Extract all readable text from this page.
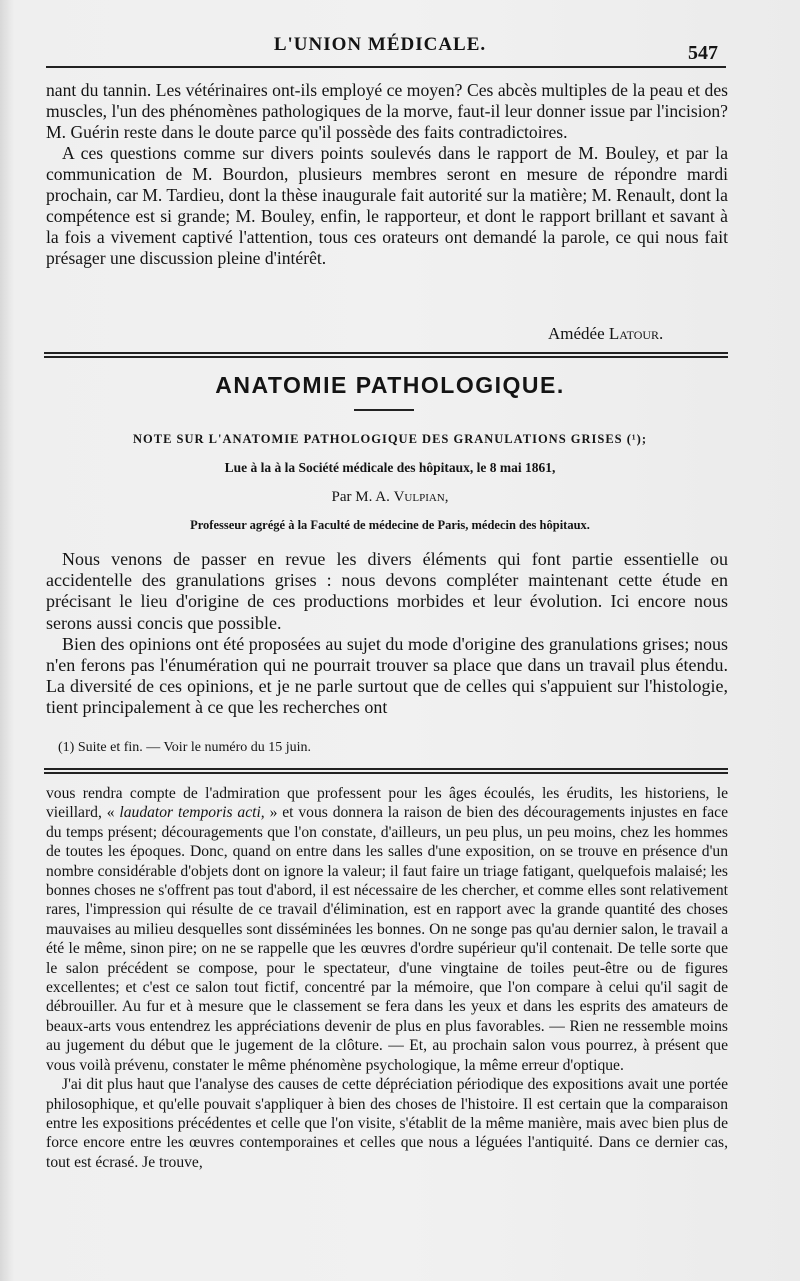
L'UNION MÉDICALE.	547

nant du tannin. Les vétérinaires ont-ils employé ce moyen? Ces abcès multiples de la peau et des muscles, l'un des phénomènes pathologiques de la morve, faut-il leur donner issue par l'incision? M. Guérin reste dans le doute parce qu'il possède des faits contradictoires.

A ces questions comme sur divers points soulevés dans le rapport de M. Bouley, et par la communication de M. Bourdon, plusieurs membres seront en mesure de répondre mardi prochain, car M. Tardieu, dont la thèse inaugurale fait autorité sur la matière; M. Renault, dont la compétence est si grande; M. Bouley, enfin, le rapporteur, et dont le rapport brillant et savant à la fois a vivement captivé l'attention, tous ces orateurs ont demandé la parole, ce qui nous fait présager une discussion pleine d'intérêt.

Amédée Latour.
ANATOMIE PATHOLOGIQUE.
NOTE SUR L'ANATOMIE PATHOLOGIQUE DES GRANULATIONS GRISES (¹);
Lue à la à la Société médicale des hôpitaux, le 8 mai 1861,
Par M. A. Vulpian,
Professeur agrégé à la Faculté de médecine de Paris, médecin des hôpitaux.

Nous venons de passer en revue les divers éléments qui font partie essentielle ou accidentelle des granulations grises : nous devons compléter maintenant cette étude en précisant le lieu d'origine de ces productions morbides et leur évolution. Ici encore nous serons aussi concis que possible.

Bien des opinions ont été proposées au sujet du mode d'origine des granulations grises; nous n'en ferons pas l'énumération qui ne pourrait trouver sa place que dans un travail plus étendu. La diversité de ces opinions, et je ne parle surtout que de celles qui s'appuient sur l'histologie, tient principalement à ce que les recherches ont

(1) Suite et fin. — Voir le numéro du 15 juin.

vous rendra compte de l'admiration que professent pour les âges écoulés, les érudits, les historiens, le vieillard, « laudator temporis acti, » et vous donnera la raison de bien des découragements injustes en face du temps présent; découragements que l'on constate, d'ailleurs, un peu plus, un peu moins, chez les hommes de toutes les époques. Donc, quand on entre dans les salles d'une exposition, on se trouve en présence d'un nombre considérable d'objets dont on ignore la valeur; il faut faire un triage fatigant, quelquefois malaisé; les bonnes choses ne s'offrent pas tout d'abord, il est nécessaire de les chercher, et comme elles sont relativement rares, l'impression qui résulte de ce travail d'élimination, est en rapport avec la grande quantité des choses mauvaises au milieu desquelles sont disséminées les bonnes. On ne songe pas qu'au dernier salon, le travail a été le même, sinon pire; on ne se rappelle que les œuvres d'ordre supérieur qu'il contenait. De telle sorte que le salon précédent se compose, pour le spectateur, d'une vingtaine de toiles peut-être ou de figures excellentes; et c'est ce salon tout fictif, concentré par la mémoire, que l'on compare à celui qu'il sagit de débrouiller. Au fur et à mesure que le classement se fera dans les yeux et dans les esprits des amateurs de beaux-arts vous entendrez les appréciations devenir de plus en plus favorables. — Rien ne ressemble moins au jugement du début que le jugement de la clôture. — Et, au prochain salon vous pourrez, à présent que vous voilà prévenu, constater le même phénomène psychologique, la même erreur d'optique.

J'ai dit plus haut que l'analyse des causes de cette dépréciation périodique des expositions avait une portée philosophique, et qu'elle pouvait s'appliquer à bien des choses de l'histoire. Il est certain que la comparaison entre les expositions précédentes et celle que l'on visite, s'établit de la même manière, mais avec bien plus de force encore entre les œuvres contemporaines et celles que nous a léguées l'antiquité. Dans ce dernier cas, tout est écrasé. Je trouve,
